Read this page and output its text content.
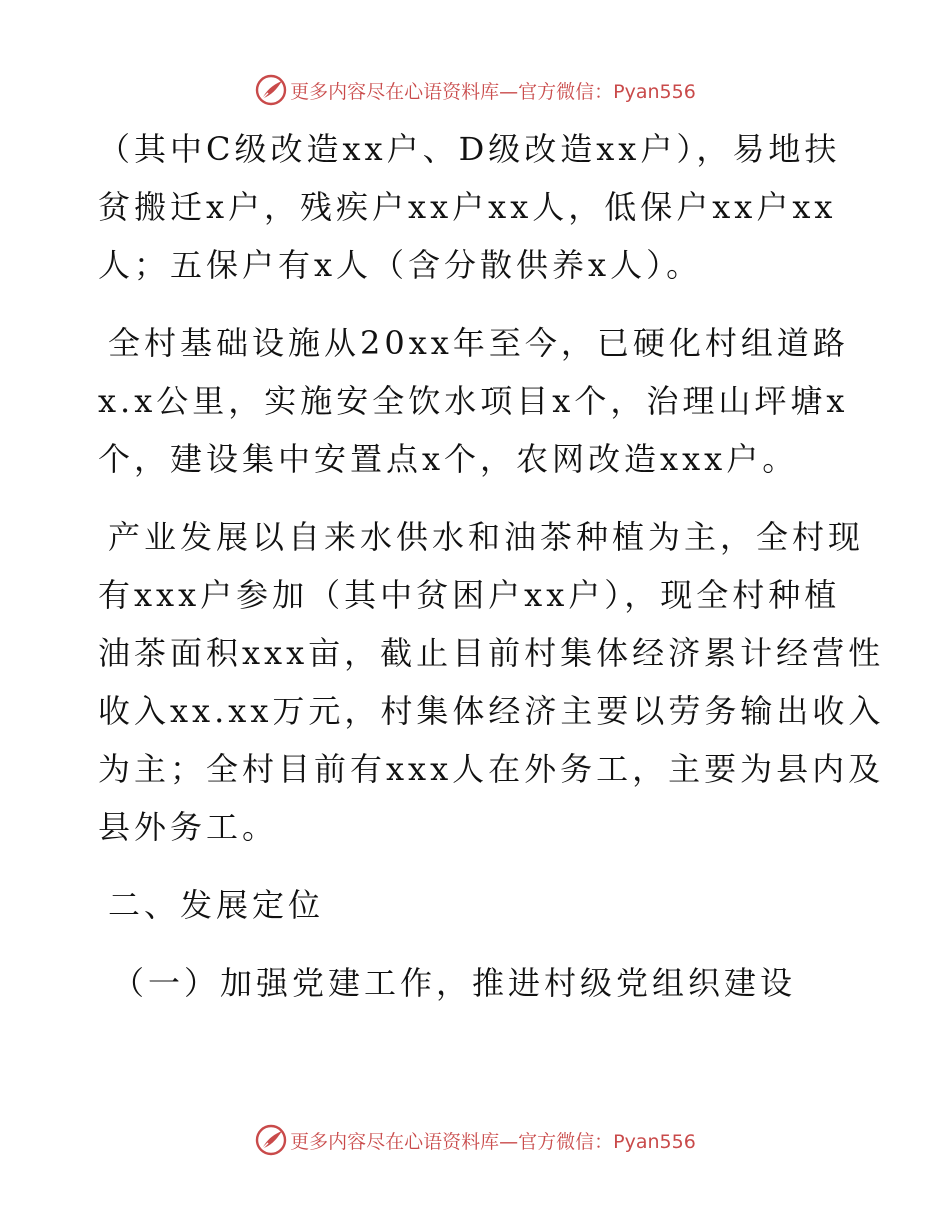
更多内容尽在心语资料库—官方微信：Pyan556
（其中C级改造xx户、D级改造xx户），易地扶
贫搬迁x户，残疾户xx户xx人，低保户xx户xx
人；五保户有x人（含分散供养x人）。
全村基础设施从20xx年至今，已硬化村组道路
x.x公里，实施安全饮水项目x个，治理山坪塘x
个，建设集中安置点x个，农网改造xxx户。
产业发展以自来水供水和油茶种植为主，全村现
有xxx户参加（其中贫困户xx户），现全村种植
油茶面积xxx亩，截止目前村集体经济累计经营性
收入xx.xx万元，村集体经济主要以劳务输出收入
为主；全村目前有xxx人在外务工，主要为县内及
县外务工。
二、发展定位
（一）加强党建工作，推进村级党组织建设
更多内容尽在心语资料库—官方微信：Pyan556
